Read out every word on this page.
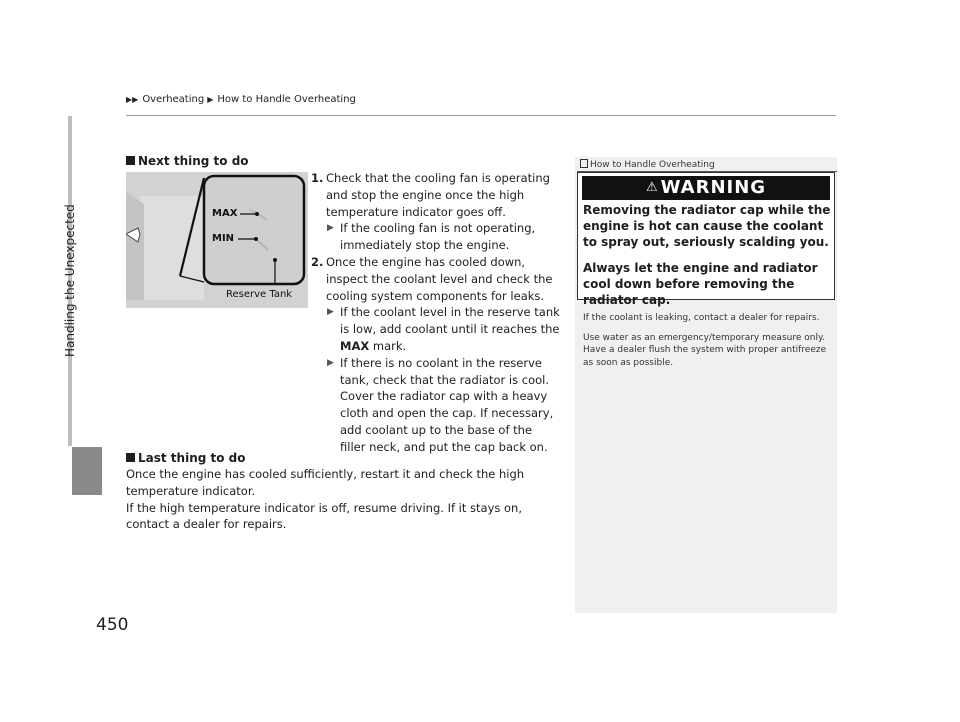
▶▶ Overheating ▶ How to Handle Overheating
Handling the Unexpected
Next thing to do
MAX
MIN
Reserve Tank
1. Check that the cooling fan is operating and stop the engine once the high temperature indicator goes off.
▶ If the cooling fan is not operating, immediately stop the engine.
2. Once the engine has cooled down, inspect the coolant level and check the cooling system components for leaks.
▶ If the coolant level in the reserve tank is low, add coolant until it reaches the MAX mark.
▶ If there is no coolant in the reserve tank, check that the radiator is cool. Cover the radiator cap with a heavy cloth and open the cap. If necessary, add coolant up to the base of the filler neck, and put the cap back on.
Last thing to do
Once the engine has cooled sufficiently, restart it and check the high temperature indicator.
If the high temperature indicator is off, resume driving. If it stays on, contact a dealer for repairs.
How to Handle Overheating
⚠ WARNING

Removing the radiator cap while the engine is hot can cause the coolant to spray out, seriously scalding you.

Always let the engine and radiator cool down before removing the radiator cap.

If the coolant is leaking, contact a dealer for repairs.

Use water as an emergency/temporary measure only. Have a dealer flush the system with proper antifreeze as soon as possible.

450
